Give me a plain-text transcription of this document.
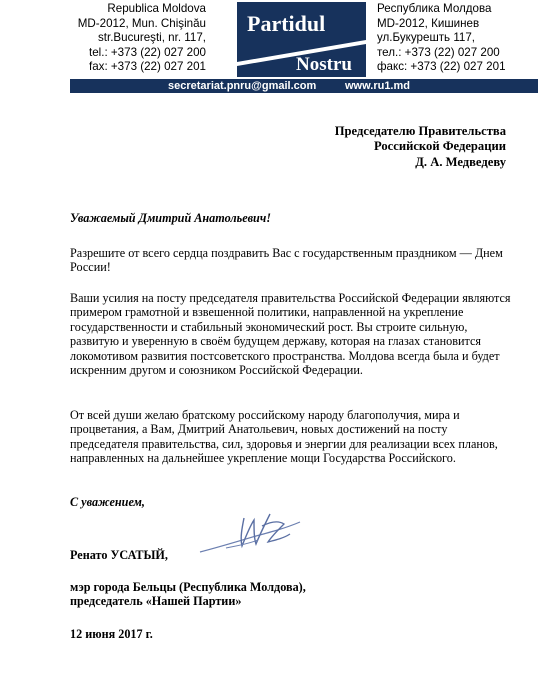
Republica Moldova
MD-2012, Mun. Chişinău
str.Bucureşti, nr. 117,
tel.: +373 (22) 027 200
fax: +373 (22) 027 201
Partidul
Nostru
Республика Молдова
MD-2012, Кишинев
ул.Букурешть 117,
тел.: +373 (22) 027 200
факс: +373 (22) 027 201
secretariat.pnru@gmail.com	www.ru1.md
Председателю Правительства
Российской Федерации
Д. А. Медведеву
Уважаемый Дмитрий Анатольевич!
Разрешите от всего сердца поздравить Вас с государственным праздником — Днем России!
Ваши усилия на посту председателя правительства Российской Федерации являются примером грамотной и взвешенной политики, направленной на укрепление государственности и стабильный экономический рост. Вы строите сильную, развитую и уверенную в своём будущем державу, которая на глазах становится локомотивом развития постсоветского пространства. Молдова всегда была и будет искренним другом и союзником Российской Федерации.
От всей души желаю братскому российскому народу благополучия, мира и процветания, а Вам, Дмитрий Анатольевич, новых достижений на посту председателя правительства, сил, здоровья и энергии для реализации всех планов, направленных на дальнейшее укрепление мощи Государства Российского.
С уважением,
Ренато УСАТЫЙ,
мэр города Бельцы (Республика Молдова),
председатель «Нашей Партии»
12 июня 2017 г.
